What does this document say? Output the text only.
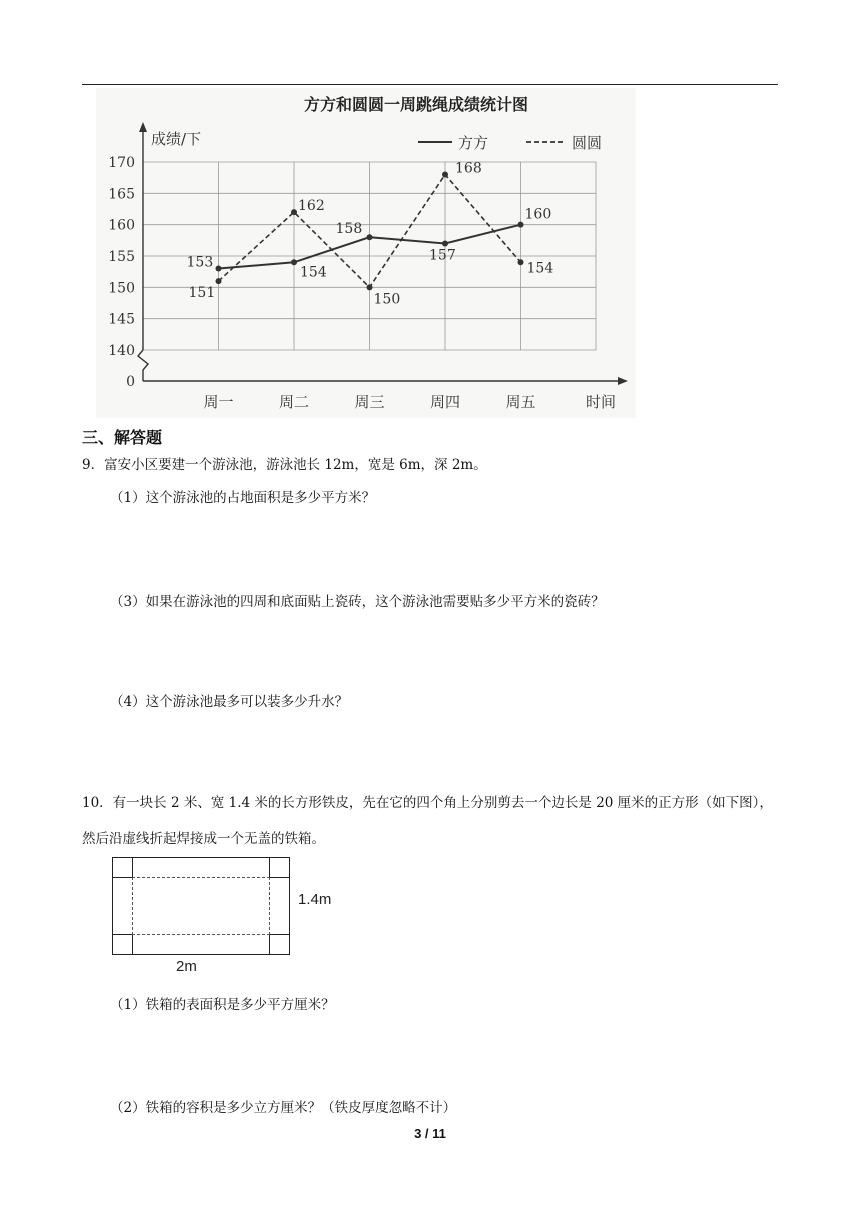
方方和圆圆一周跳绳成绩统计图
成绩/下
0
140
145
150
155
160
165
170
周一	周二	周三	周四	周五	时间
方方	圆圆
153
154
158
157
160
151
162
150
168
154
三、解答题
9．富安小区要建一个游泳池，游泳池长 12m，宽是 6m，深 2m。
（1）这个游泳池的占地面积是多少平方米？
（3）如果在游泳池的四周和底面贴上瓷砖，这个游泳池需要贴多少平方米的瓷砖？
（4）这个游泳池最多可以装多少升水？
10．有一块长 2 米、宽 1.4 米的长方形铁皮，先在它的四个角上分别剪去一个边长是 20 厘米的正方形（如下图），然后沿虚线折起焊接成一个无盖的铁箱。
1.4m
2m
（1）铁箱的表面积是多少平方厘米？
（2）铁箱的容积是多少立方厘米？（铁皮厚度忽略不计）
3 / 11
